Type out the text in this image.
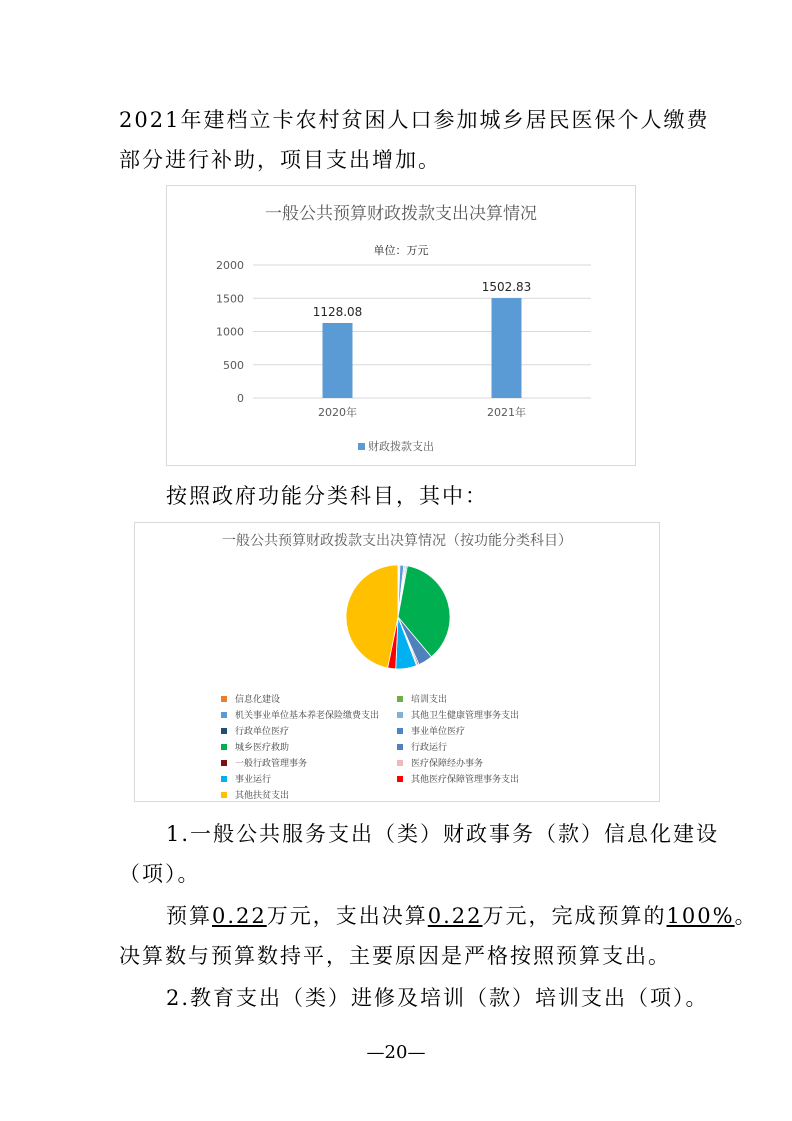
2021年建档立卡农村贫困人口参加城乡居民医保个人缴费
部分进行补助，项目支出增加。
一般公共预算财政拨款支出决算情况
单位：万元
0
500
1000
1500
2000
1128.08
2020年
1502.83
2021年
财政拨款支出
按照政府功能分类科目，其中：
一般公共预算财政拨款支出决算情况（按功能分类科目）
信息化建设	培训支出
机关事业单位基本养老保险缴费支出	其他卫生健康管理事务支出
行政单位医疗	事业单位医疗
城乡医疗救助	行政运行
一般行政管理事务	医疗保障经办事务
事业运行	其他医疗保障管理事务支出
其他扶贫支出
1.一般公共服务支出（类）财政事务（款）信息化建设
（项）。
预算0.22万元，支出决算0.22万元，完成预算的100%。
决算数与预算数持平，主要原因是严格按照预算支出。
2.教育支出（类）进修及培训（款）培训支出（项）。
—20—
